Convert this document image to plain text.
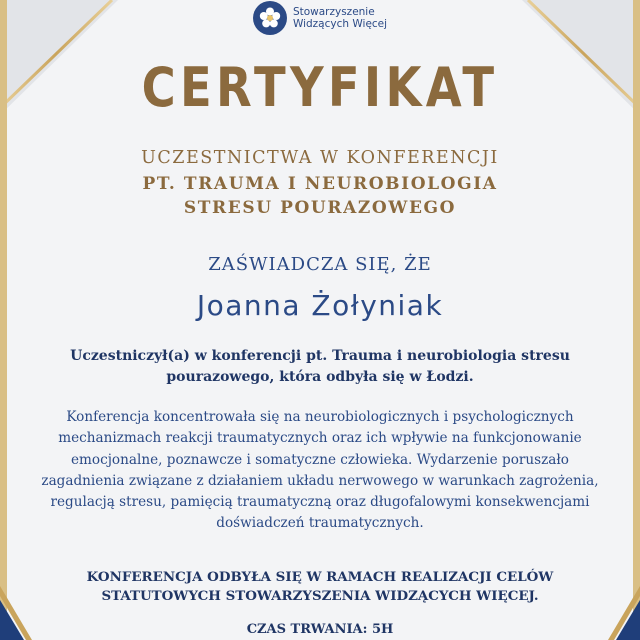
Stowarzyszenie
Widzących Więcej
CERTYFIKAT
UCZESTNICTWA W KONFERENCJI
PT. TRAUMA I NEUROBIOLOGIA
STRESU POURAZOWEGO
ZAŚWIADCZA SIĘ, ŻE
Joanna Żołyniak
Uczestniczył(a) w konferencji pt. Trauma i neurobiologia stresu pourazowego, która odbyła się w Łodzi.
Konferencja koncentrowała się na neurobiologicznych i psychologicznych mechanizmach reakcji traumatycznych oraz ich wpływie na funkcjonowanie emocjonalne, poznawcze i somatyczne człowieka. Wydarzenie poruszało zagadnienia związane z działaniem układu nerwowego w warunkach zagrożenia, regulacją stresu, pamięcią traumatyczną oraz długofalowymi konsekwencjami doświadczeń traumatycznych.
KONFERENCJA ODBYŁA SIĘ W RAMACH REALIZACJI CELÓW STATUTOWYCH STOWARZYSZENIA WIDZĄCYCH WIĘCEJ.
CZAS TRWANIA: 5H
